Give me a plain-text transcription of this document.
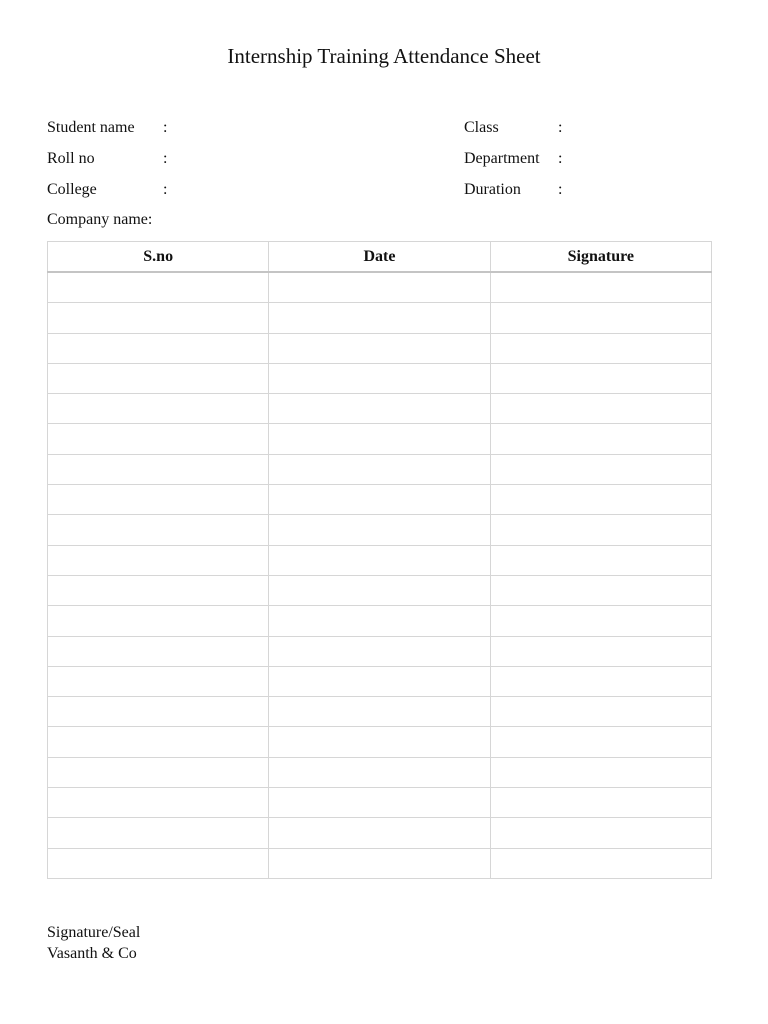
Internship Training Attendance Sheet
Student name :
Roll no	:
College	:
Class	:
Department :
Duration :
Company name:
S.no	Date	Signature

Signature/Seal
Vasanth & Co
